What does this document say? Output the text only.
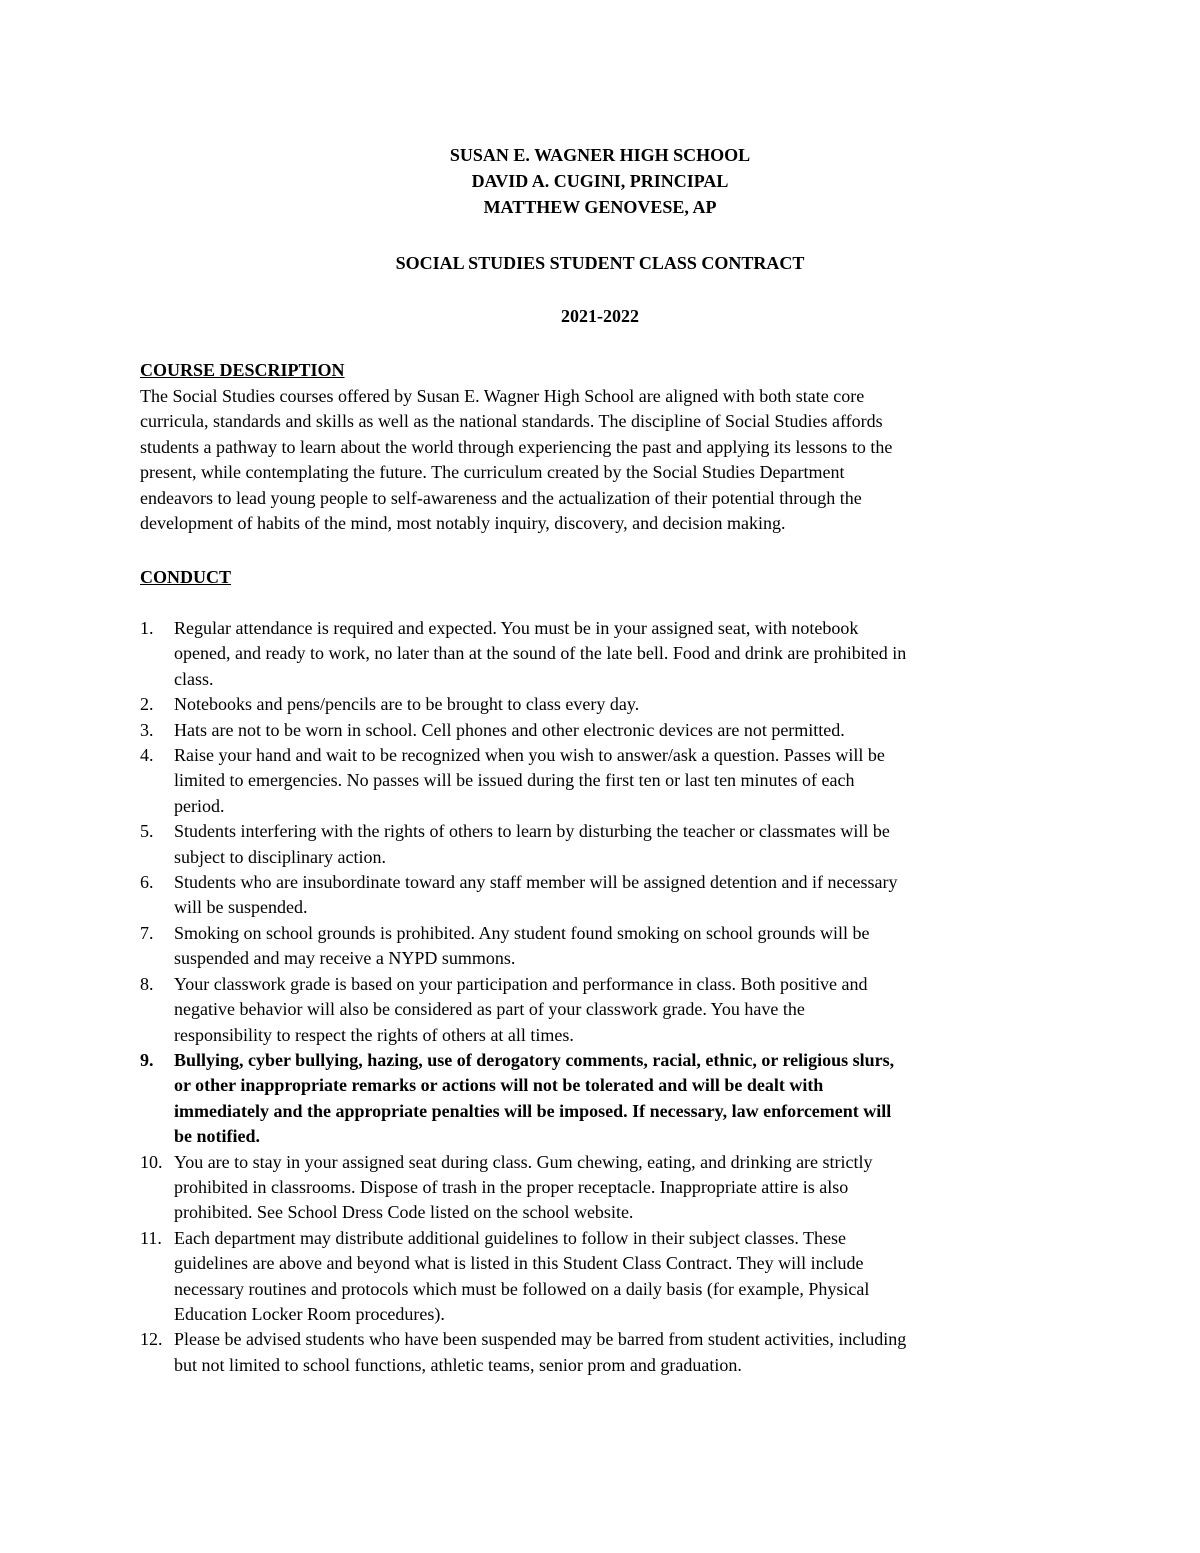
SUSAN E. WAGNER HIGH SCHOOL
DAVID A. CUGINI, PRINCIPAL
MATTHEW GENOVESE, AP
SOCIAL STUDIES STUDENT CLASS CONTRACT
2021-2022
COURSE DESCRIPTION
The Social Studies courses offered by Susan E. Wagner High School are aligned with both state core
curricula, standards and skills as well as the national standards. The discipline of Social Studies affords
students a pathway to learn about the world through experiencing the past and applying its lessons to the
present, while contemplating the future. The curriculum created by the Social Studies Department
endeavors to lead young people to self-awareness and the actualization of their potential through the
development of habits of the mind, most notably inquiry, discovery, and decision making.
CONDUCT
1. Regular attendance is required and expected. You must be in your assigned seat, with notebook
opened, and ready to work, no later than at the sound of the late bell. Food and drink are prohibited in
class.
2. Notebooks and pens/pencils are to be brought to class every day.
3. Hats are not to be worn in school. Cell phones and other electronic devices are not permitted.
4. Raise your hand and wait to be recognized when you wish to answer/ask a question. Passes will be
limited to emergencies. No passes will be issued during the first ten or last ten minutes of each
period.
5. Students interfering with the rights of others to learn by disturbing the teacher or classmates will be
subject to disciplinary action.
6. Students who are insubordinate toward any staff member will be assigned detention and if necessary
will be suspended.
7. Smoking on school grounds is prohibited. Any student found smoking on school grounds will be
suspended and may receive a NYPD summons.
8. Your classwork grade is based on your participation and performance in class. Both positive and
negative behavior will also be considered as part of your classwork grade. You have the
responsibility to respect the rights of others at all times.
9. Bullying, cyber bullying, hazing, use of derogatory comments, racial, ethnic, or religious slurs,
or other inappropriate remarks or actions will not be tolerated and will be dealt with
immediately and the appropriate penalties will be imposed. If necessary, law enforcement will
be notified.
10. You are to stay in your assigned seat during class. Gum chewing, eating, and drinking are strictly
prohibited in classrooms. Dispose of trash in the proper receptacle. Inappropriate attire is also
prohibited. See School Dress Code listed on the school website.
11. Each department may distribute additional guidelines to follow in their subject classes. These
guidelines are above and beyond what is listed in this Student Class Contract. They will include
necessary routines and protocols which must be followed on a daily basis (for example, Physical
Education Locker Room procedures).
12. Please be advised students who have been suspended may be barred from student activities, including
but not limited to school functions, athletic teams, senior prom and graduation.
